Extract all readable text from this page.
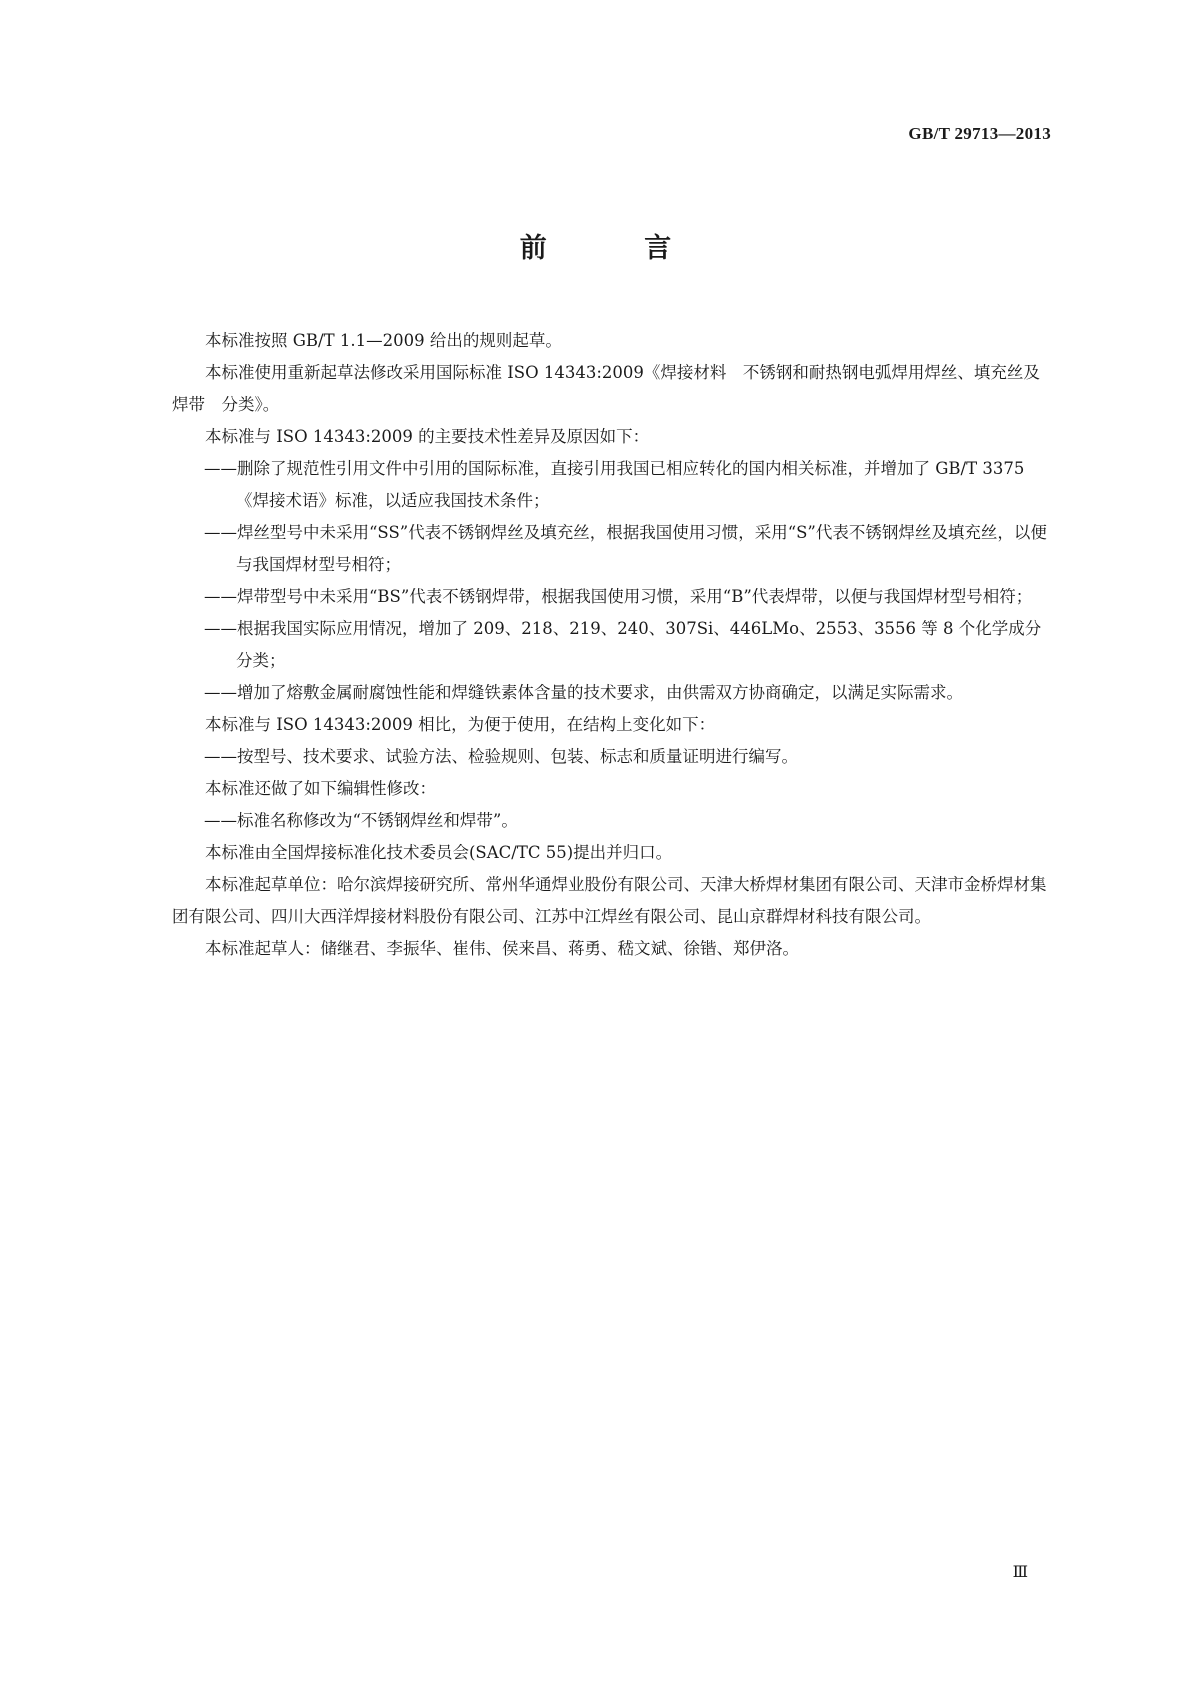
GB/T 29713—2013
前 言

本标准按照 GB/T 1.1—2009 给出的规则起草。

本标准使用重新起草法修改采用国际标准 ISO 14343:2009《焊接材料　不锈钢和耐热钢电弧焊用焊丝、填充丝及焊带　分类》。

本标准与 ISO 14343:2009 的主要技术性差异及原因如下：

——删除了规范性引用文件中引用的国际标准，直接引用我国已相应转化的国内相关标准，并增加了 GB/T 3375《焊接术语》标准，以适应我国技术条件；

——焊丝型号中未采用“SS”代表不锈钢焊丝及填充丝，根据我国使用习惯，采用“S”代表不锈钢焊丝及填充丝，以便与我国焊材型号相符；

——焊带型号中未采用“BS”代表不锈钢焊带，根据我国使用习惯，采用“B”代表焊带，以便与我国焊材型号相符；

——根据我国实际应用情况，增加了 209、218、219、240、307Si、446LMo、2553、3556 等 8 个化学成分分类；

——增加了熔敷金属耐腐蚀性能和焊缝铁素体含量的技术要求，由供需双方协商确定，以满足实际需求。

本标准与 ISO 14343:2009 相比，为便于使用，在结构上变化如下：

——按型号、技术要求、试验方法、检验规则、包装、标志和质量证明进行编写。

本标准还做了如下编辑性修改：

——标准名称修改为“不锈钢焊丝和焊带”。

本标准由全国焊接标准化技术委员会(SAC/TC 55)提出并归口。

本标准起草单位：哈尔滨焊接研究所、常州华通焊业股份有限公司、天津大桥焊材集团有限公司、天津市金桥焊材集团有限公司、四川大西洋焊接材料股份有限公司、江苏中江焊丝有限公司、昆山京群焊材科技有限公司。

本标准起草人：储继君、李振华、崔伟、侯来昌、蒋勇、嵇文斌、徐锴、郑伊洛。

Ⅲ
